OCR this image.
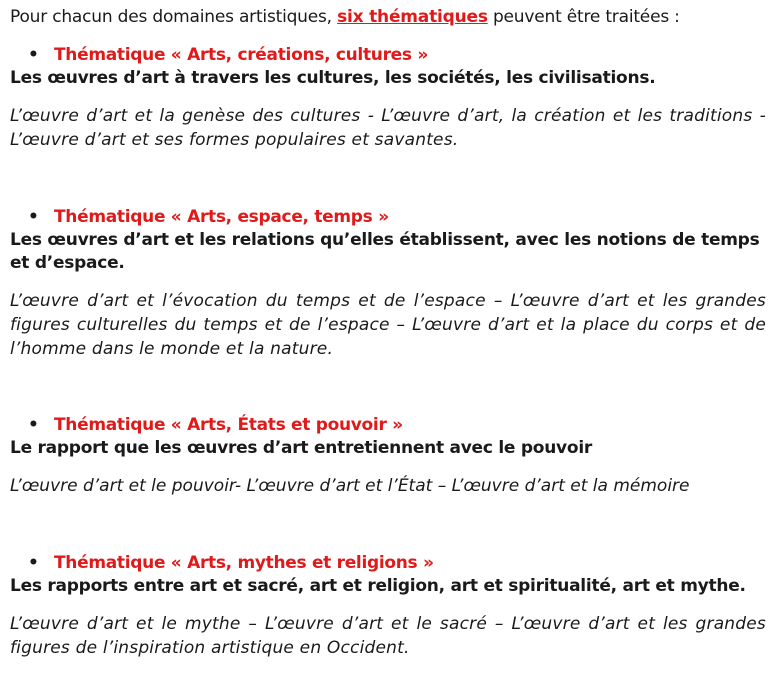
Pour chacun des domaines artistiques, six thématiques peuvent être traitées :
• Thématique « Arts, créations, cultures »
Les œuvres d’art à travers les cultures, les sociétés, les civilisations.
L’œuvre d’art et la genèse des cultures - L’œuvre d’art, la création et les traditions - L’œuvre d’art et ses formes populaires et savantes.
• Thématique « Arts, espace, temps »
Les œuvres d’art et les relations qu’elles établissent, avec les notions de temps et d’espace.
L’œuvre d’art et l’évocation du temps et de l’espace – L’œuvre d’art et les grandes figures culturelles du temps et de l’espace – L’œuvre d’art et la place du corps et de l’homme dans le monde et la nature.
• Thématique « Arts, États et pouvoir »
Le rapport que les œuvres d’art entretiennent avec le pouvoir
L’œuvre d’art et le pouvoir- L’œuvre d’art et l’État – L’œuvre d’art et la mémoire
• Thématique « Arts, mythes et religions »
Les rapports entre art et sacré, art et religion, art et spiritualité, art et mythe.
L’œuvre d’art et le mythe – L’œuvre d’art et le sacré – L’œuvre d’art et les grandes figures de l’inspiration artistique en Occident.
